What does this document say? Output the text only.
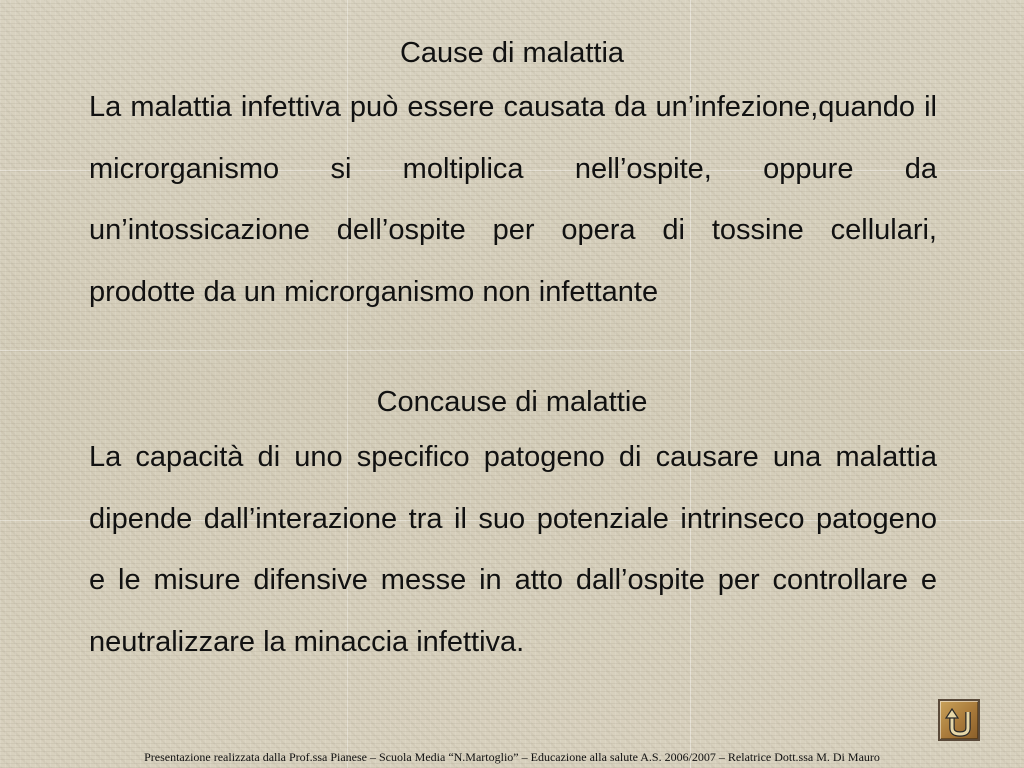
Cause di malattia

La malattia infettiva può essere causata da un’infezione,quando il microrganismo si moltiplica nell’ospite, oppure da un’intossicazione dell’ospite per opera di tossine cellulari, prodotte da un microrganismo non infettante

Concause di malattie

La capacità di uno specifico patogeno di causare una malattia dipende dall’interazione tra il suo potenziale intrinseco patogeno e le misure difensive messe in atto dall’ospite per controllare e neutralizzare la minaccia infettiva.

Presentazione realizzata dalla Prof.ssa Pianese – Scuola Media “N.Martoglio” – Educazione alla salute A.S. 2006/2007 – Relatrice Dott.ssa M. Di Mauro
